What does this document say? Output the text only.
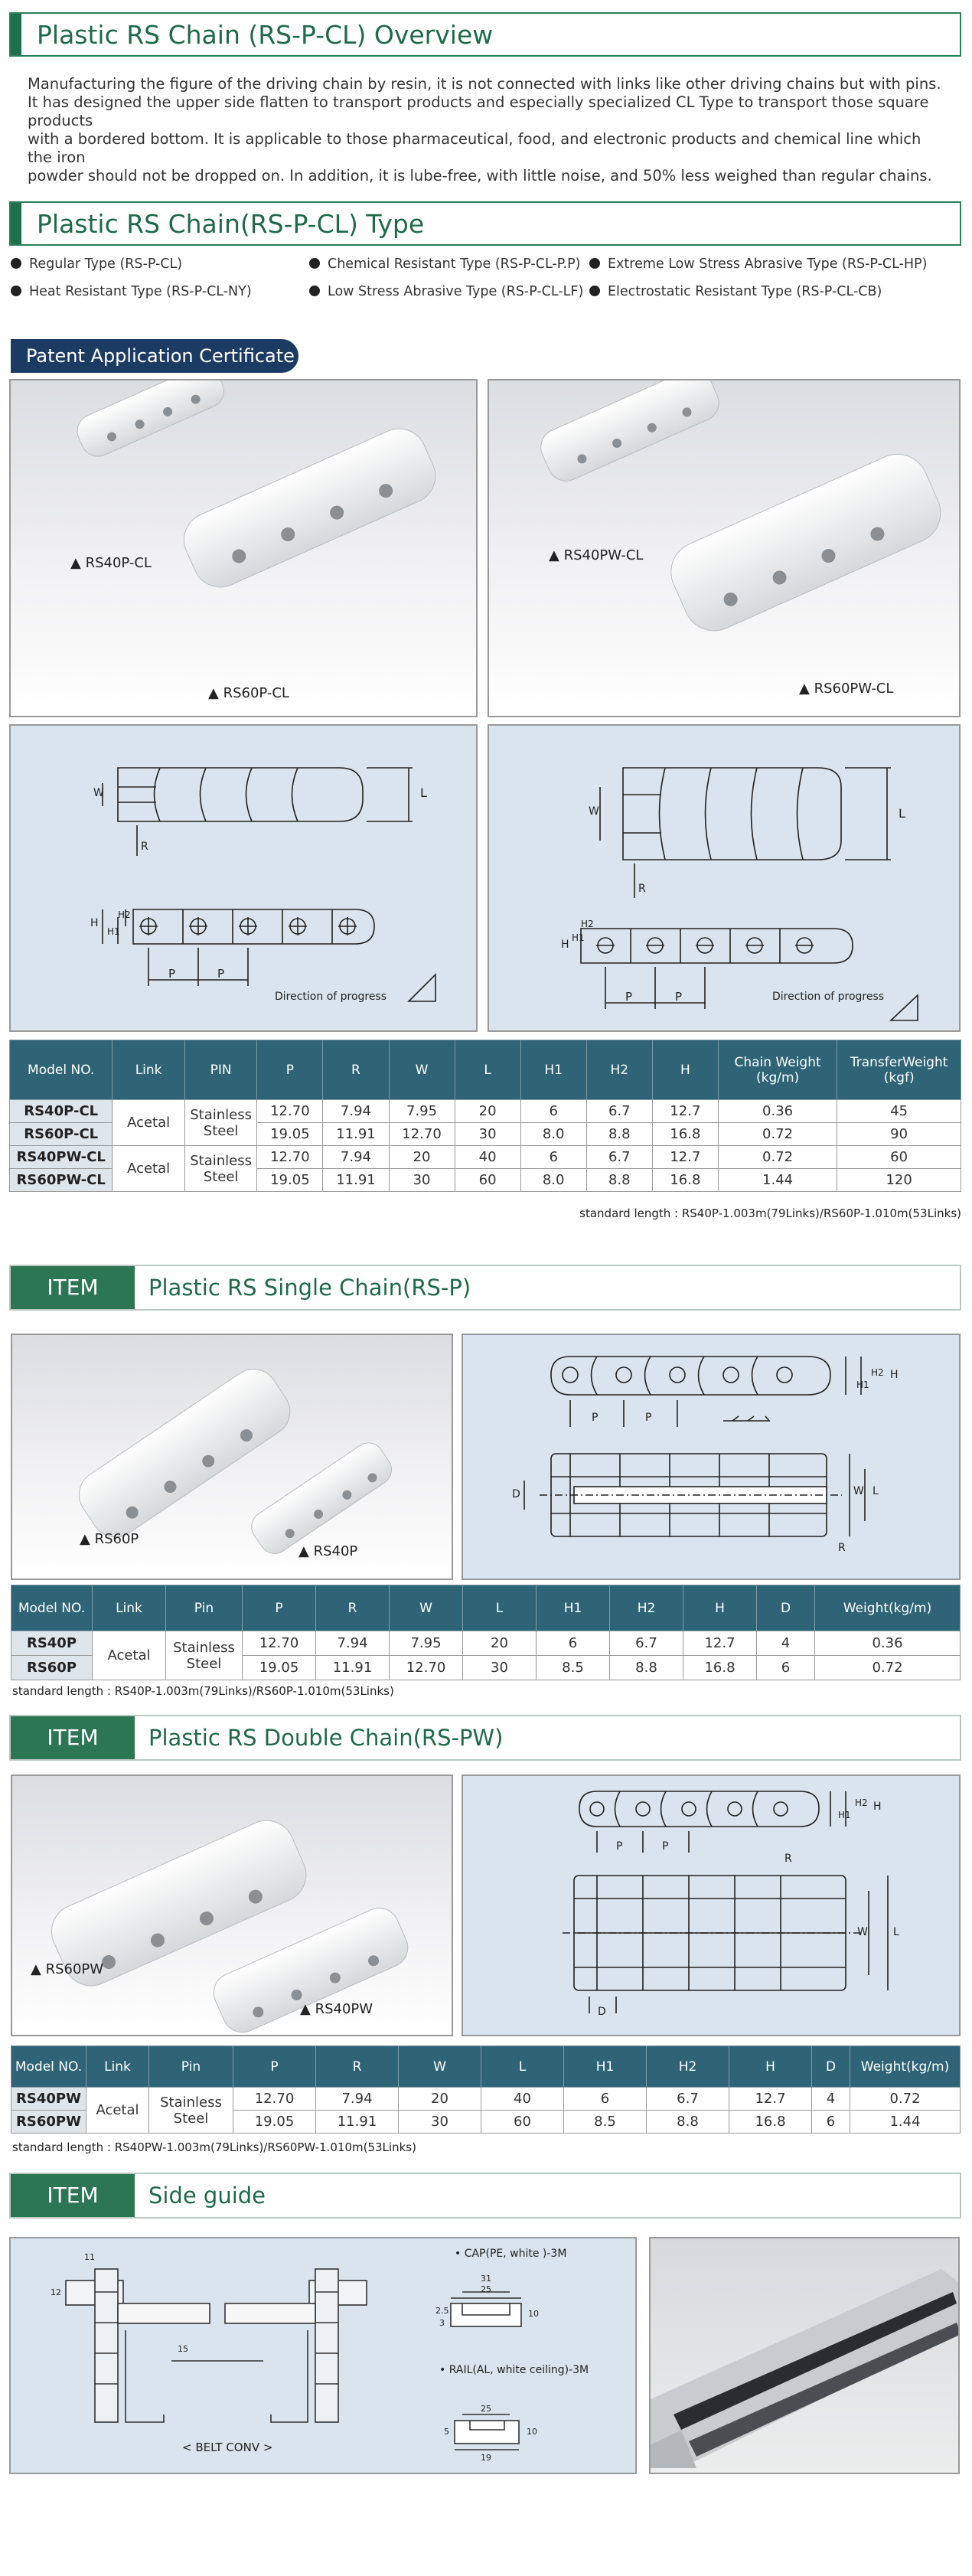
Plastic RS Chain (RS-P-CL) Overview
Manufacturing the figure of the driving chain by resin, it is not connected with links like other driving chains but with pins.
It has designed the upper side flatten to transport products and especially specialized CL Type to transport those square products
with a bordered bottom. It is applicable to those pharmaceutical, food, and electronic products and chemical line which the iron
powder should not be dropped on. In addition, it is lube-free, with little noise, and 50% less weighed than regular chains.
Plastic RS Chain(RS-P-CL) Type
Regular Type (RS-P-CL)	Chemical Resistant Type (RS-P-CL-P.P)	Extreme Low Stress Abrasive Type (RS-P-CL-HP)
Heat Resistant Type (RS-P-CL-NY)	Low Stress Abrasive Type (RS-P-CL-LF)	Electrostatic Resistant Type (RS-P-CL-CB)
Patent Application Certificate
▲ RS40P-CL
▲ RS60P-CL
▲ RS40PW-CL
▲ RS60PW-CL
W	L
R
H
H1
H2
P	P
Direction of progress
W	L
R
H
H1
H2
P	P	Direction of progress
Model NO.	Link	PIN	P	R	W	L	H1	H2	H	Chain Weight (kg/m)	TransferWeight (kgf)
RS40P-CL	Acetal	Stainless Steel	12.70	7.94	7.95	20	6	6.7	12.7	0.36	45
RS60P-CL			19.05	11.91	12.70	30	8.0	8.8	16.8	0.72	90
RS40PW-CL	Acetal	Stainless Steel	12.70	7.94	20	40	6	6.7	12.7	0.72	60
RS60PW-CL			19.05	11.91	30	60	8.0	8.8	16.8	1.44	120
standard length : RS40P-1.003m(79Links)/RS60P-1.010m(53Links)
ITEM	Plastic RS Single Chain(RS-P)
▲ RS60P
▲ RS40P
H2
H1
H
P	P
D	W L
R
Model NO.	Link	Pin	P	R	W	L	H1	H2	H	D	Weight(kg/m)
RS40P	Acetal	Stainless Steel	12.70	7.94	7.95	20	6	6.7	12.7	4	0.36
RS60P			19.05	11.91	12.70	30	8.5	8.8	16.8	6	0.72
standard length : RS40P-1.003m(79Links)/RS60P-1.010m(53Links)
ITEM	Plastic RS Double Chain(RS-PW)
▲ RS60PW
▲ RS40PW
H2
H1
H
P	P
R
W L
D
Model NO.	Link	Pin	P	R	W	L	H1	H2	H	D	Weight(kg/m)
RS40PW	Acetal	Stainless Steel	12.70	7.94	20	40	6	6.7	12.7	4	0.72
RS60PW			19.05	11.91	30	60	8.5	8.8	16.8	6	1.44
standard length : RS40PW-1.003m(79Links)/RS60PW-1.010m(53Links)
ITEM	Side guide
• CAP(PE, white )-3M
• RAIL(AL, white ceiling)-3M
< BELT CONV >
11
12
31
25
10
2.5
3
25
10
19
15
5
